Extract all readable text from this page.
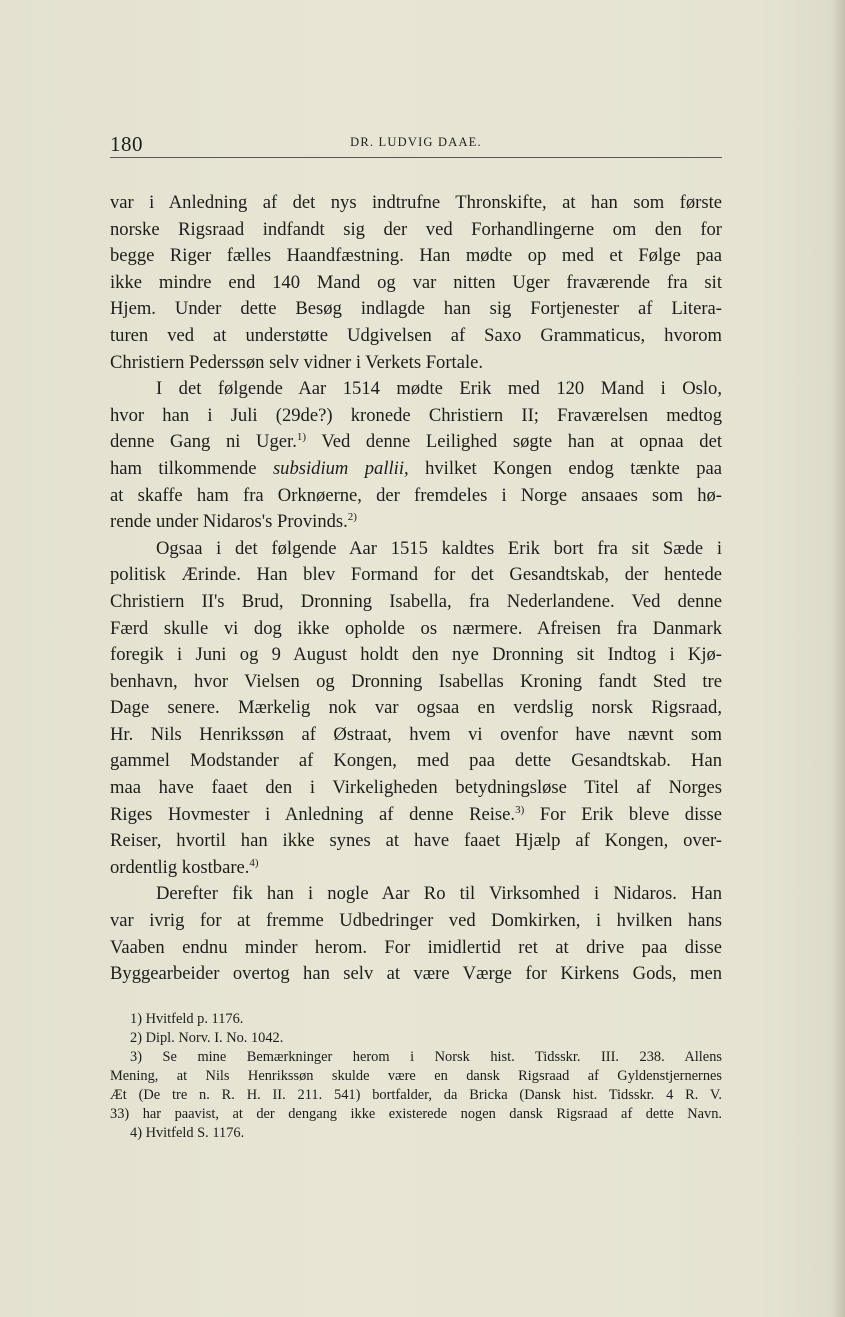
180	DR. LUDVIG DAAE.
var i Anledning af det nys indtrufne Thronskifte, at han som første
norske Rigsraad indfandt sig der ved Forhandlingerne om den for
begge Riger fælles Haandfæstning. Han mødte op med et Følge paa
ikke mindre end 140 Mand og var nitten Uger fraværende fra sit
Hjem. Under dette Besøg indlagde han sig Fortjenester af Litera-
turen ved at understøtte Udgivelsen af Saxo Grammaticus, hvorom
Christiern Pederssøn selv vidner i Verkets Fortale.
I det følgende Aar 1514 mødte Erik med 120 Mand i Oslo,
hvor han i Juli (29de?) kronede Christiern II; Fraværelsen medtog
denne Gang ni Uger.$^{1)}$ Ved denne Leilighed søgte han at opnaa det
ham tilkommende subsidium pallii, hvilket Kongen endog tænkte paa
at skaffe ham fra Orknøerne, der fremdeles i Norge ansaaes som hø-
rende under Nidaros's Provinds.$^{2)}$
Ogsaa i det følgende Aar 1515 kaldtes Erik bort fra sit Sæde i
politisk Ærinde. Han blev Formand for det Gesandtskab, der hentede
Christiern II's Brud, Dronning Isabella, fra Nederlandene. Ved denne
Færd skulle vi dog ikke opholde os nærmere. Afreisen fra Danmark
foregik i Juni og 9 August holdt den nye Dronning sit Indtog i Kjø-
benhavn, hvor Vielsen og Dronning Isabellas Kroning fandt Sted tre
Dage senere. Mærkelig nok var ogsaa en verdslig norsk Rigsraad,
Hr. Nils Henrikssøn af Østraat, hvem vi ovenfor have nævnt som
gammel Modstander af Kongen, med paa dette Gesandtskab. Han
maa have faaet den i Virkeligheden betydningsløse Titel af Norges
Riges Hovmester i Anledning af denne Reise.$^{3)}$ For Erik bleve disse
Reiser, hvortil han ikke synes at have faaet Hjælp af Kongen, over-
ordentlig kostbare.$^{4)}$
Derefter fik han i nogle Aar Ro til Virksomhed i Nidaros. Han
var ivrig for at fremme Udbedringer ved Domkirken, i hvilken hans
Vaaben endnu minder herom. For imidlertid ret at drive paa disse
Byggearbeider overtog han selv at være Værge for Kirkens Gods, men
1) Hvitfeld p. 1176.
2) Dipl. Norv. I. No. 1042.
3) Se mine Bemærkninger herom i Norsk hist. Tidsskr. III. 238. Allens
Mening, at Nils Henrikssøn skulde være en dansk Rigsraad af Gyldenstjernernes
Æt (De tre n. R. H. II. 211. 541) bortfalder, da Bricka (Dansk hist. Tidsskr. 4 R. V.
33) har paavist, at der dengang ikke existerede nogen dansk Rigsraad af dette Navn.
4) Hvitfeld S. 1176.
